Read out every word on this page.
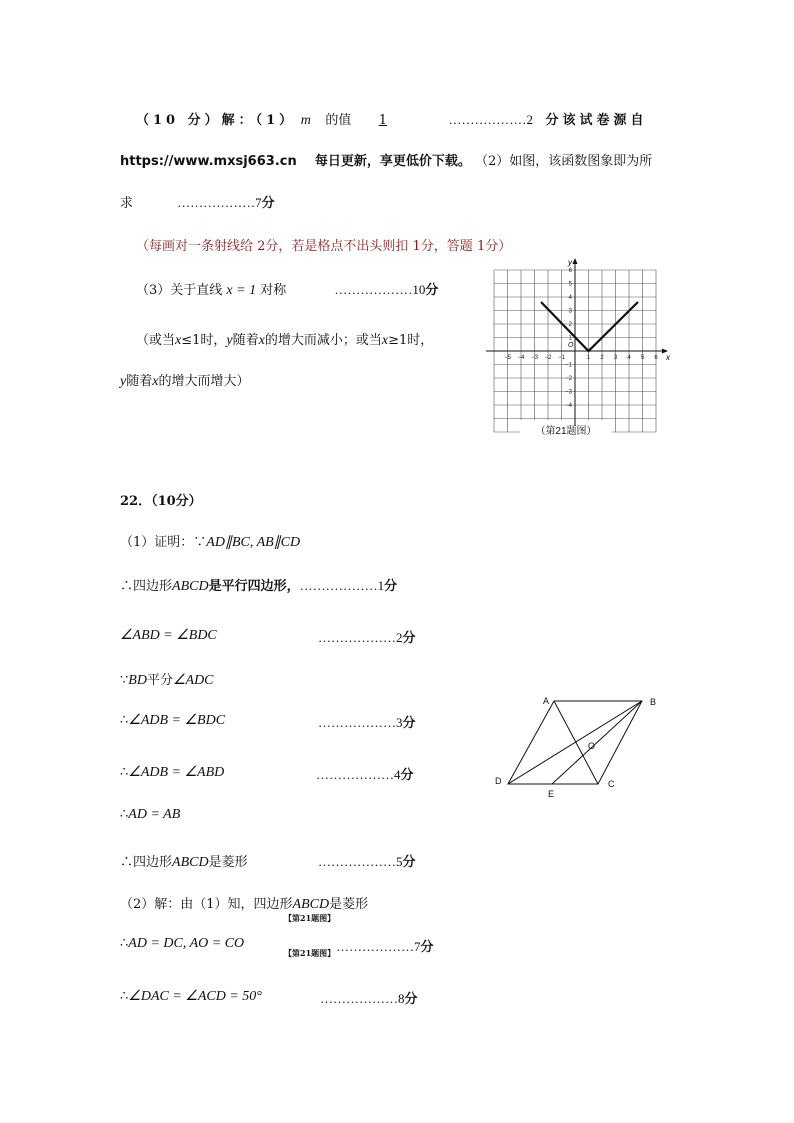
（10 分）解：（1） m 的值 1	………………2 分该试卷源自
https://www.mxsj663.cn 每日更新，享更低价下载。 （2）如图，该函数图象即为所
求	………………7分
（每画对一条射线给 2分，若是格点不出头则扣 1分，答题 1分）
（3）关于直线 x = 1 对称	………………10分
（或当x≤1时，y随着x的增大而减小；或当x≥1时，
y随着x的增大而增大）
（第21题图）
x
y
O
−5 −4 −3 −2 −1	1 2 3 4 5 6
6
5
4
3
2
1
−1
−2
−3
−4
22．（10分）
（1）证明：∵AD∥BC, AB∥CD
∴四边形ABCD是平行四边形，………………1分
∠ABD = ∠BDC	………………2分
∵BD平分∠ADC
∴∠ADB = ∠BDC	………………3分
∴∠ADB = ∠ABD	………………4分
∴AD = AB
∴四边形ABCD是菱形	………………5分
（2）解：由（1）知，四边形ABCD是菱形
【第21题图】
∴AD = DC, AO = CO	………………7分
【第21题图】
∴∠DAC = ∠ACD = 50°	………………8分
A	B
C
D
E
O
